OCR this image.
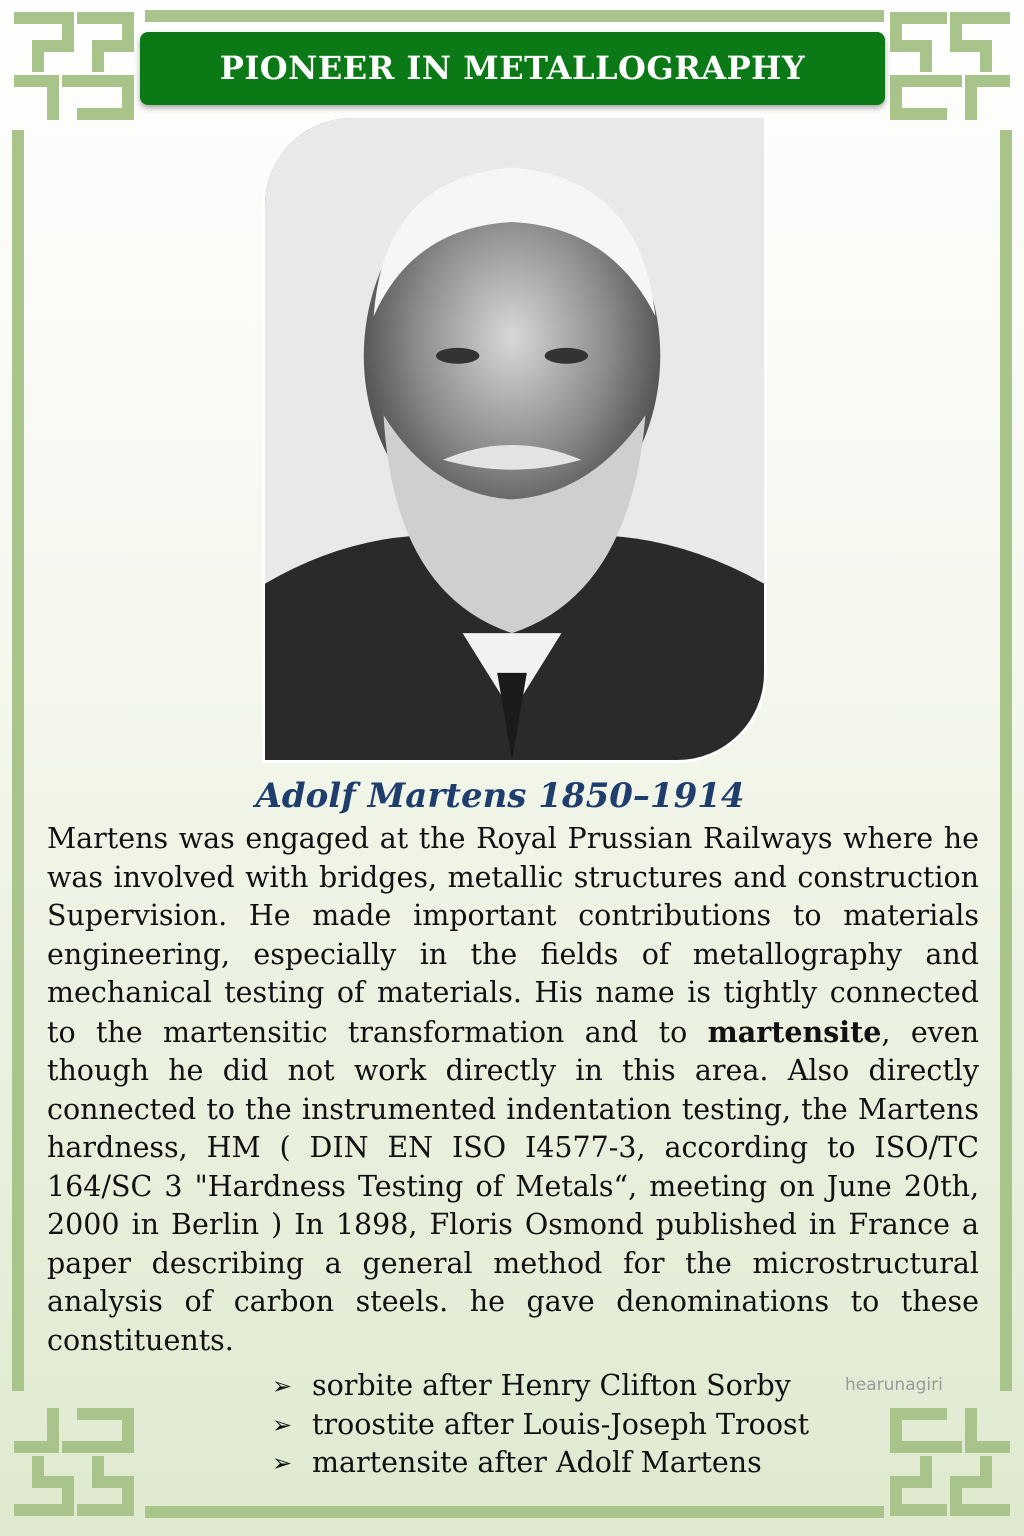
PIONEER IN METALLOGRAPHY
Adolf Martens 1850–1914

Martens was engaged at the Royal Prussian Railways where he was involved with bridges, metallic structures and construction Supervision. He made important contributions to materials engineering, especially in the fields of metallography and mechanical testing of materials. His name is tightly connected to the martensitic transformation and to martensite, even though he did not work directly in this area. Also directly connected to the instrumented indentation testing, the Martens hardness, HM ( DIN EN ISO I4577-3, according to ISO/TC 164/SC 3 "Hardness Testing of Metals“, meeting on June 20th, 2000 in Berlin ) In 1898, Floris Osmond published in France a paper describing a general method for the microstructural analysis of carbon steels. he gave denominations to these constituents.

➢ sorbite after Henry Clifton Sorby
➢ troostite after Louis-Joseph Troost
➢ martensite after Adolf Martens
hearunagiri
